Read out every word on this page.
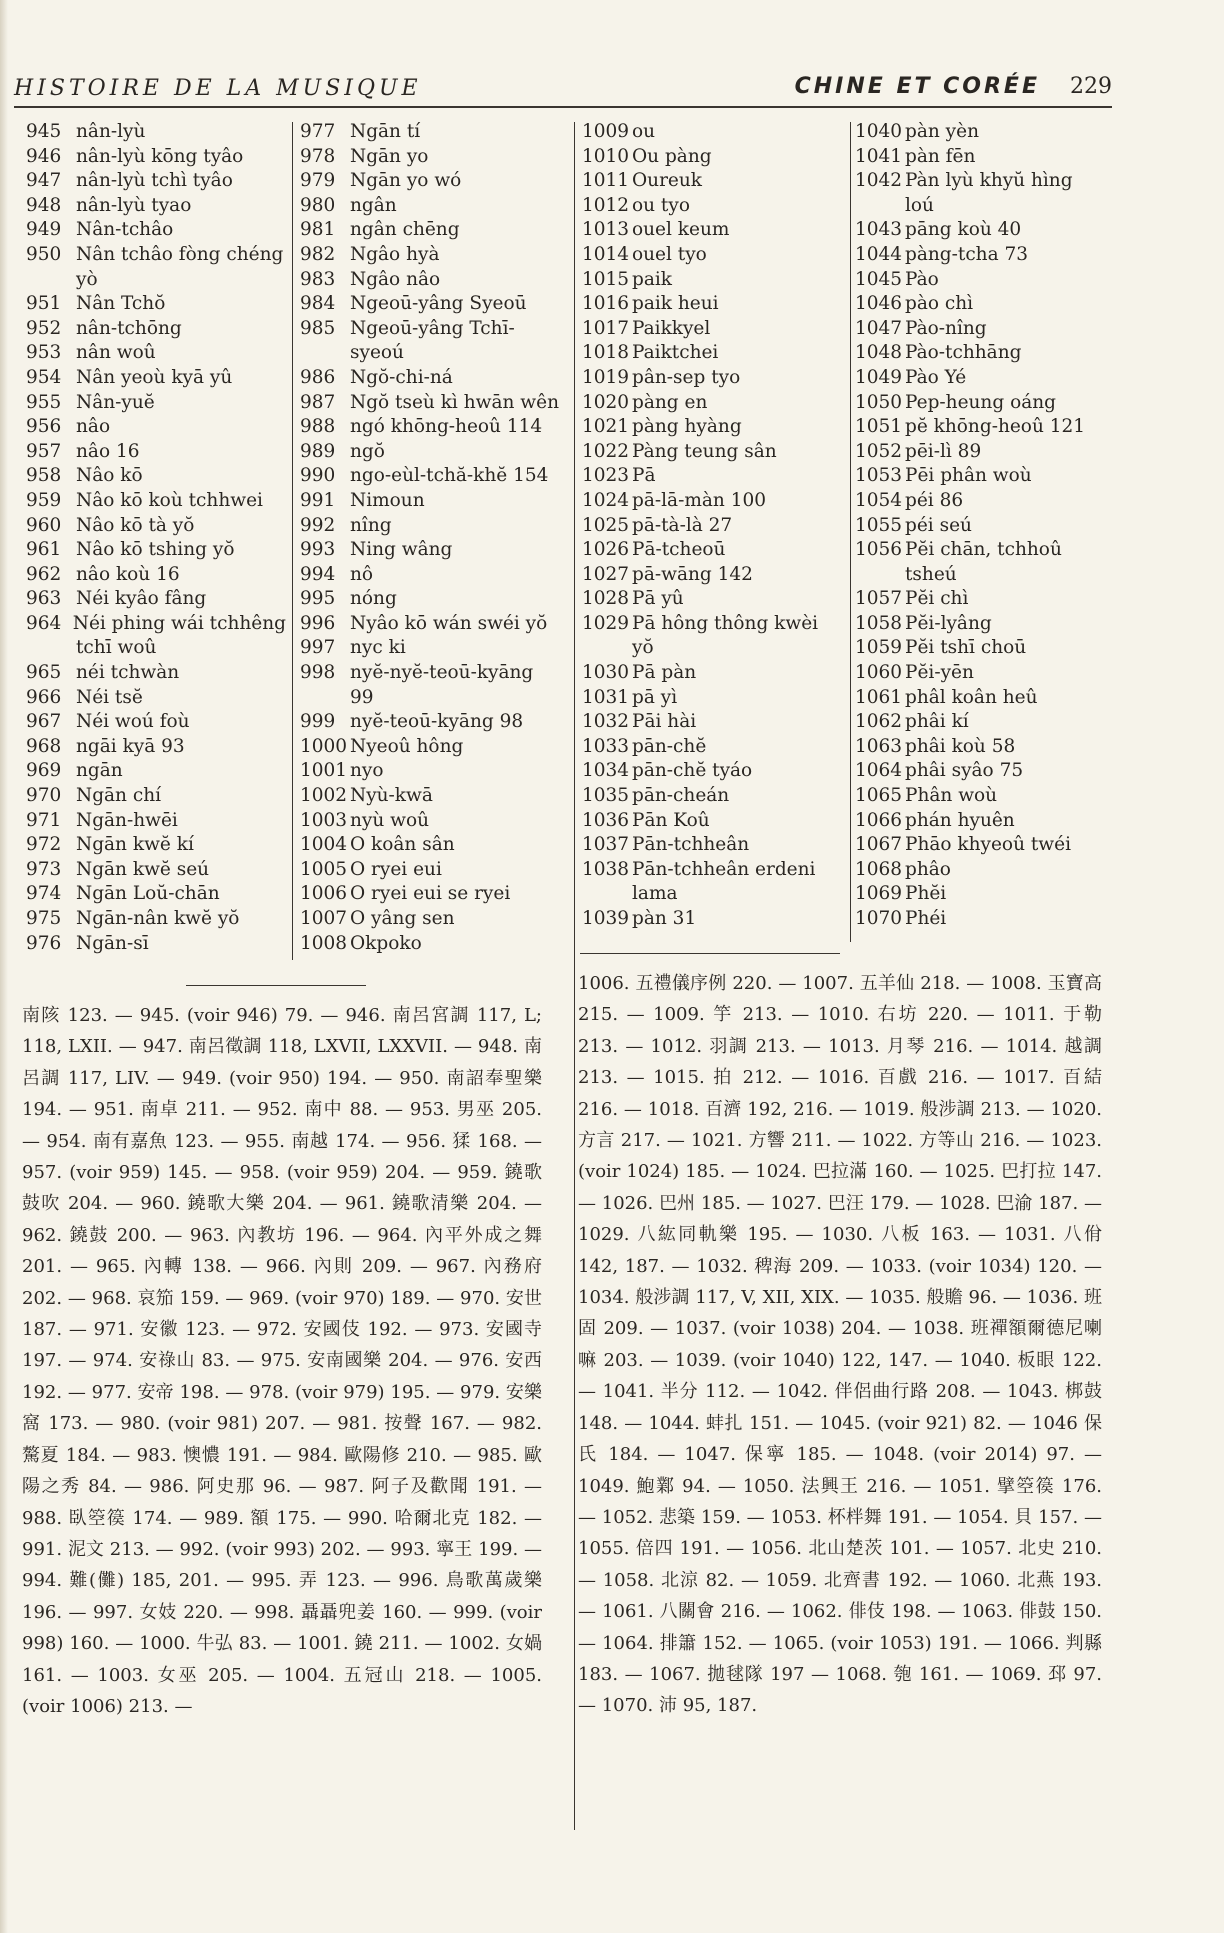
HISTOIRE DE LA MUSIQUE	CHINE ET CORÉE 229
945 nân-lyù
946 nân-lyù kōng tyâo
947 nân-lyù tchì tyâo
948 nân-lyù tyao
949 Nân-tchâo
950 Nân tchâo fòng chéng
yò
951 Nân Tchŏ
952 nân-tchōng
953 nân woû
954 Nân yeoù kyā yû
955 Nân-yuĕ
956 nâo
957 nâo 16
958 Nâo kō
959 Nâo kō koù tchhwei
960 Nâo kō tà yŏ
961 Nâo kō tshing yŏ
962 nâo koù 16
963 Néi kyâo fâng
964 Néi phing wái tchhêng
tchī woû
965 néi tchwàn
966 Néi tsĕ
967 Néi woú foù
968 ngāi kyā 93
969 ngān
970 Ngān chí
971 Ngān-hwēi
972 Ngān kwĕ kí
973 Ngān kwĕ seú
974 Ngān Loŭ-chān
975 Ngān-nân kwĕ yŏ
976 Ngān-sī
977 Ngān tí
978 Ngān yo
979 Ngān yo wó
980 ngân
981 ngân chēng
982 Ngâo hyà
983 Ngâo nâo
984 Ngeoū-yâng Syeoū
985 Ngeoū-yâng Tchī-
syeoú
986 Ngŏ-chi-ná
987 Ngŏ tseù kì hwān wên
988 ngó khōng-heoû 114
989 ngŏ
990 ngo-eùl-tchă-khĕ 154
991 Nimoun
992 nîng
993 Ning wâng
994 nô
995 nóng
996 Nyâo kō wán swéi yŏ
997 nyc ki
998 nyĕ-nyĕ-teoū-kyāng
99
999 nyĕ-teoū-kyāng 98
1000 Nyeoû hông
1001 nyo
1002 Nyù-kwā
1003 nyù woû
1004 O koân sân
1005 O ryei eui
1006 O ryei eui se ryei
1007 O yâng sen
1008 Okpoko
1009 ou
1010 Ou pàng
1011 Oureuk
1012 ou tyo
1013 ouel keum
1014 ouel tyo
1015 paik
1016 paik heui
1017 Paikkyel
1018 Paiktchei
1019 pân-sep tyo
1020 pàng en
1021 pàng hyàng
1022 Pàng teung sân
1023 Pā
1024 pā-lā-màn 100
1025 pā-tà-là 27
1026 Pā-tcheoū
1027 pā-wāng 142
1028 Pā yû
1029 Pā hông thông kwèi
yŏ
1030 Pā pàn
1031 pā yì
1032 Pāi hài
1033 pān-chĕ
1034 pān-chĕ tyáo
1035 pān-cheán
1036 Pān Koû
1037 Pān-tchheân
1038 Pān-tchheân erdeni
lama
1039 pàn 31
1040 pàn yèn
1041 pàn fēn
1042 Pàn lyù khyŭ hìng
loú
1043 pāng koù 40
1044 pàng-tcha 73
1045 Pào
1046 pào chì
1047 Pào-nîng
1048 Pào-tchhāng
1049 Pào Yé
1050 Pep-heung oáng
1051 pĕ khōng-heoû 121
1052 pēi-lì 89
1053 Pēi phân woù
1054 péi 86
1055 péi seú
1056 Pĕi chān, tchhoû
tsheú
1057 Pĕi chì
1058 Pĕi-lyâng
1059 Pĕi tshī choū
1060 Pĕi-yēn
1061 phâl koân heû
1062 phâi kí
1063 phâi koù 58
1064 phâi syâo 75
1065 Phân woù
1066 phán hyuên
1067 Phāo khyeoû twéi
1068 phâo
1069 Phĕi
1070 Phéi

南陔 123. — 945. (voir 946) 79. — 946. 南呂宮調 117, L; 118, LXII. — 947. 南呂徵調 118, LXVII, LXXVII. — 948. 南呂調 117, LIV. — 949. (voir 950) 194. — 950. 南詔奉聖樂 194. — 951. 南卓 211. — 952. 南中 88. — 953. 男巫 205. — 954. 南有嘉魚 123. — 955. 南越 174. — 956. 猱 168. — 957. (voir 959) 145. — 958. (voir 959) 204. — 959. 鐃歌鼓吹 204. — 960. 鐃歌大樂 204. — 961. 鐃歌清樂 204. — 962. 鐃鼓 200. — 963. 內教坊 196. — 964. 內平外成之舞 201. — 965. 內轉 138. — 966. 內則 209. — 967. 內務府 202. — 968. 哀笳 159. — 969. (voir 970) 189. — 970. 安世 187. — 971. 安徽 123. — 972. 安國伎 192. — 973. 安國寺 197. — 974. 安祿山 83. — 975. 安南國樂 204. — 976. 安西 192. — 977. 安帝 198. — 978. (voir 979) 195. — 979. 安樂窩 173. — 980. (voir 981) 207. — 981. 按聲 167. — 982. 驁夏 184. — 983. 懊憹 191. — 984. 歐陽修 210. — 985. 歐陽之秀 84. — 986. 阿史那 96. — 987. 阿子及歡聞 191. — 988. 臥箜篌 174. — 989. 額 175. — 990. 哈爾北克 182. — 991. 泥文 213. — 992. (voir 993) 202. — 993. 寧王 199. — 994. 難(儺) 185, 201. — 995. 弄 123. — 996. 鳥歌萬歲樂 196. — 997. 女妓 220. — 998. 聶聶兜姜 160. — 999. (voir 998) 160. — 1000. 牛弘 83. — 1001. 鐃 211. — 1002. 女媧 161. — 1003. 女巫 205. — 1004. 五冠山 218. — 1005. (voir 1006) 213. —

1006. 五禮儀序例 220. — 1007. 五羊仙 218. — 1008. 玉寶高 215. — 1009. 竽 213. — 1010. 右坊 220. — 1011. 于勒 213. — 1012. 羽調 213. — 1013. 月琴 216. — 1014. 越調 213. — 1015. 拍 212. — 1016. 百戲 216. — 1017. 百結 216. — 1018. 百濟 192, 216. — 1019. 般涉調 213. — 1020. 方言 217. — 1021. 方響 211. — 1022. 方等山 216. — 1023. (voir 1024) 185. — 1024. 巴拉滿 160. — 1025. 巴打拉 147. — 1026. 巴州 185. — 1027. 巴汪 179. — 1028. 巴渝 187. — 1029. 八紘同軌樂 195. — 1030. 八板 163. — 1031. 八佾 142, 187. — 1032. 稗海 209. — 1033. (voir 1034) 120. — 1034. 般涉調 117, V, XII, XIX. — 1035. 般贍 96. — 1036. 班固 209. — 1037. (voir 1038) 204. — 1038. 班禪額爾德尼喇嘛 203. — 1039. (voir 1040) 122, 147. — 1040. 板眼 122. — 1041. 半分 112. — 1042. 伴侶曲行路 208. — 1043. 梆鼓 148. — 1044. 蚌扎 151. — 1045. (voir 921) 82. — 1046 保氏 184. — 1047. 保寧 185. — 1048. (voir 2014) 97. — 1049. 鮑鄴 94. — 1050. 法興王 216. — 1051. 擘箜篌 176. — 1052. 悲築 159. — 1053. 杯柈舞 191. — 1054. 貝 157. — 1055. 倍四 191. — 1056. 北山楚茨 101. — 1057. 北史 210. — 1058. 北涼 82. — 1059. 北齊書 192. — 1060. 北燕 193. — 1061. 八關會 216. — 1062. 俳伎 198. — 1063. 俳鼓 150. — 1064. 排簫 152. — 1065. (voir 1053) 191. — 1066. 判縣 183. — 1067. 拋毬隊 197 — 1068. 匏 161. — 1069. 邳 97. — 1070. 沛 95, 187.
